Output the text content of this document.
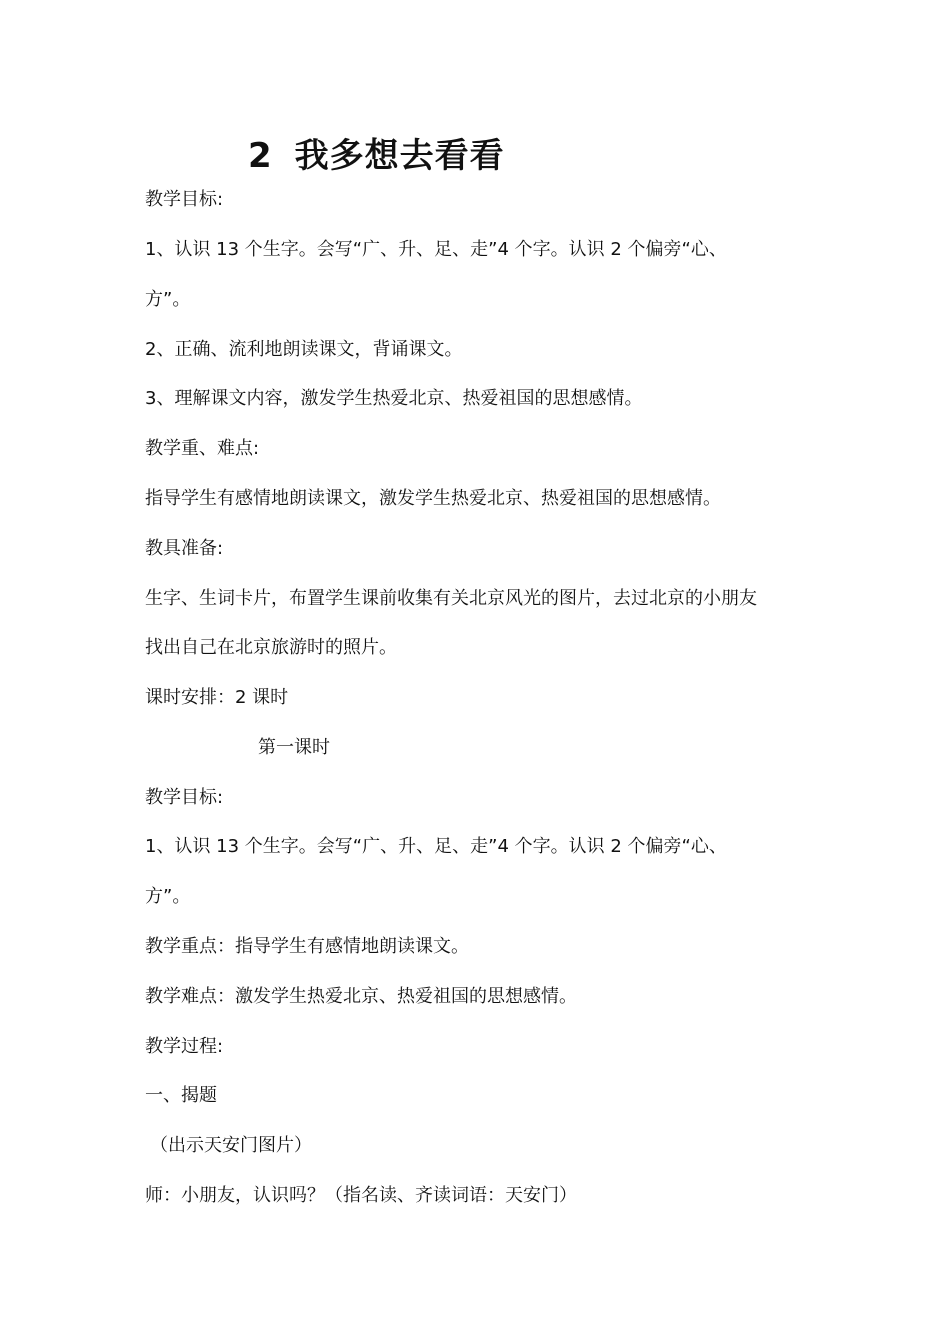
2 我多想去看看

教学目标:

1、认识 13 个生字。会写“广、升、足、走”4 个字。认识 2 个偏旁“心、

方”。

2、正确、流利地朗读课文，背诵课文。

3、理解课文内容，激发学生热爱北京、热爱祖国的思想感情。

教学重、难点:

指导学生有感情地朗读课文，激发学生热爱北京、热爱祖国的思想感情。

教具准备:

生字、生词卡片，布置学生课前收集有关北京风光的图片，去过北京的小朋友

找出自己在北京旅游时的照片。

课时安排：2 课时

第一课时

教学目标:

1、认识 13 个生字。会写“广、升、足、走”4 个字。认识 2 个偏旁“心、

方”。

教学重点：指导学生有感情地朗读课文。

教学难点：激发学生热爱北京、热爱祖国的思想感情。

教学过程:

一、揭题

（出示天安门图片）

师：小朋友，认识吗？（指名读、齐读词语：天安门）
